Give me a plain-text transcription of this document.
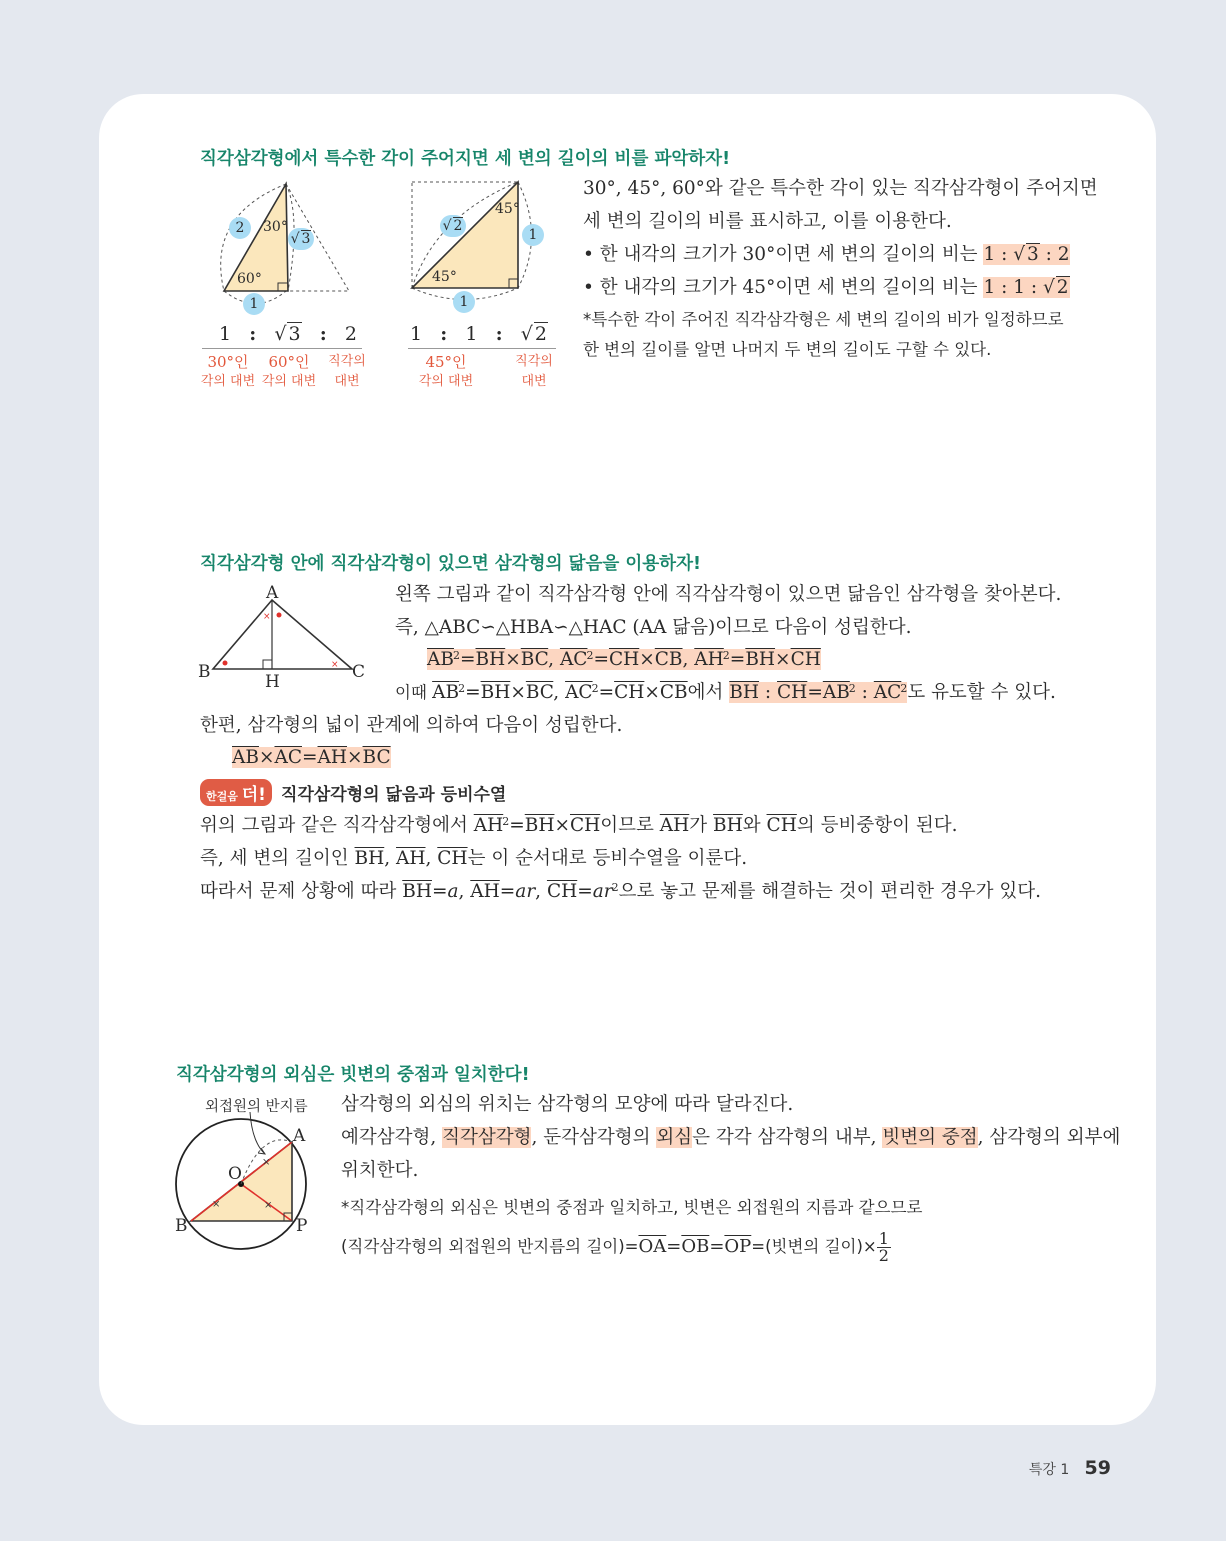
직각삼각형에서 특수한 각이 주어지면 세 변의 길이의 비를 파악하자!
30°
60°
2
√ 3
1
1 :   √ 3 : 2
30°인
각의 대변
60°인
각의 대변
직각의
대변
45°
45°
√ 2
1
1
1 : 1 :   √ 2
45°인
각의 대변
직각의
대변
30°, 45°, 60°와 같은 특수한 각이 있는 직각삼각형이 주어지면
세 변의 길이의 비를 표시하고, 이를 이용한다.
• 한 내각의 크기가 30°이면 세 변의 길이의 비는 1 : √ 3 : 2
• 한 내각의 크기가 45°이면 세 변의 길이의 비는 1 : 1 : √ 2
*특수한 각이 주어진 직각삼각형은 세 변의 길이의 비가 일정하므로
한 변의 길이를 알면 나머지 두 변의 길이도 구할 수 있다.
직각삼각형 안에 직각삼각형이 있으면 삼각형의 닮음을 이용하자!
×
×
A
B	C
H
왼쪽 그림과 같이 직각삼각형 안에 직각삼각형이 있으면 닮음인 삼각형을 찾아본다.
즉, △ABC∽△HBA∽△HAC (AA 닮음)이므로 다음이 성립한다.
$\overline{AB}^2=\overline{BH}\times\overline{BC}$, $\overline{AC}^2=\overline{CH}\times\overline{CB}$, $\overline{AH}^2=\overline{BH}\times\overline{CH}$
이때 $\overline{AB}^2=\overline{BH}\times\overline{BC}$, $\overline{AC}^2=\overline{CH}\times\overline{CB}$에서 $\overline{BH}$ : $\overline{CH}=\overline{AB}^2$ : $\overline{AC}^2$도 유도할 수 있다.
한편, 삼각형의 넓이 관계에 의하여 다음이 성립한다.
$\overline{AB}\times\overline{AC}=\overline{AH}\times\overline{BC}$
한걸음 더! 직각삼각형의 닮음과 등비수열
위의 그림과 같은 직각삼각형에서 $\overline{AH}^2=\overline{BH}\times\overline{CH}$이므로 $\overline{AH}$가 $\overline{BH}$와 $\overline{CH}$의 등비중항이 된다.
즉, 세 변의 길이인 $\overline{BH}$, $\overline{AH}$, $\overline{CH}$는 이 순서대로 등비수열을 이룬다.
따라서 문제 상황에 따라 $\overline{BH}=a$, $\overline{AH}=ar$, $\overline{CH}=ar^2$으로 놓고 문제를 해결하는 것이 편리한 경우가 있다.
직각삼각형의 외심은 빗변의 중점과 일치한다!
외접원의 반지름
×
×	×
A
B	P
O
삼각형의 외심의 위치는 삼각형의 모양에 따라 달라진다.
예각삼각형, 직각삼각형, 둔각삼각형의 외심은 각각 삼각형의 내부, 빗변의 중점, 삼각형의 외부에
위치한다.
*직각삼각형의 외심은 빗변의 중점과 일치하고, 빗변은 외접원의 지름과 같으므로
(직각삼각형의 외접원의 반지름의 길이)$=\overline{OA}=\overline{OB}=\overline{OP}=$(빗변의 길이)× $\frac{1}{2}$
특강 1 59
